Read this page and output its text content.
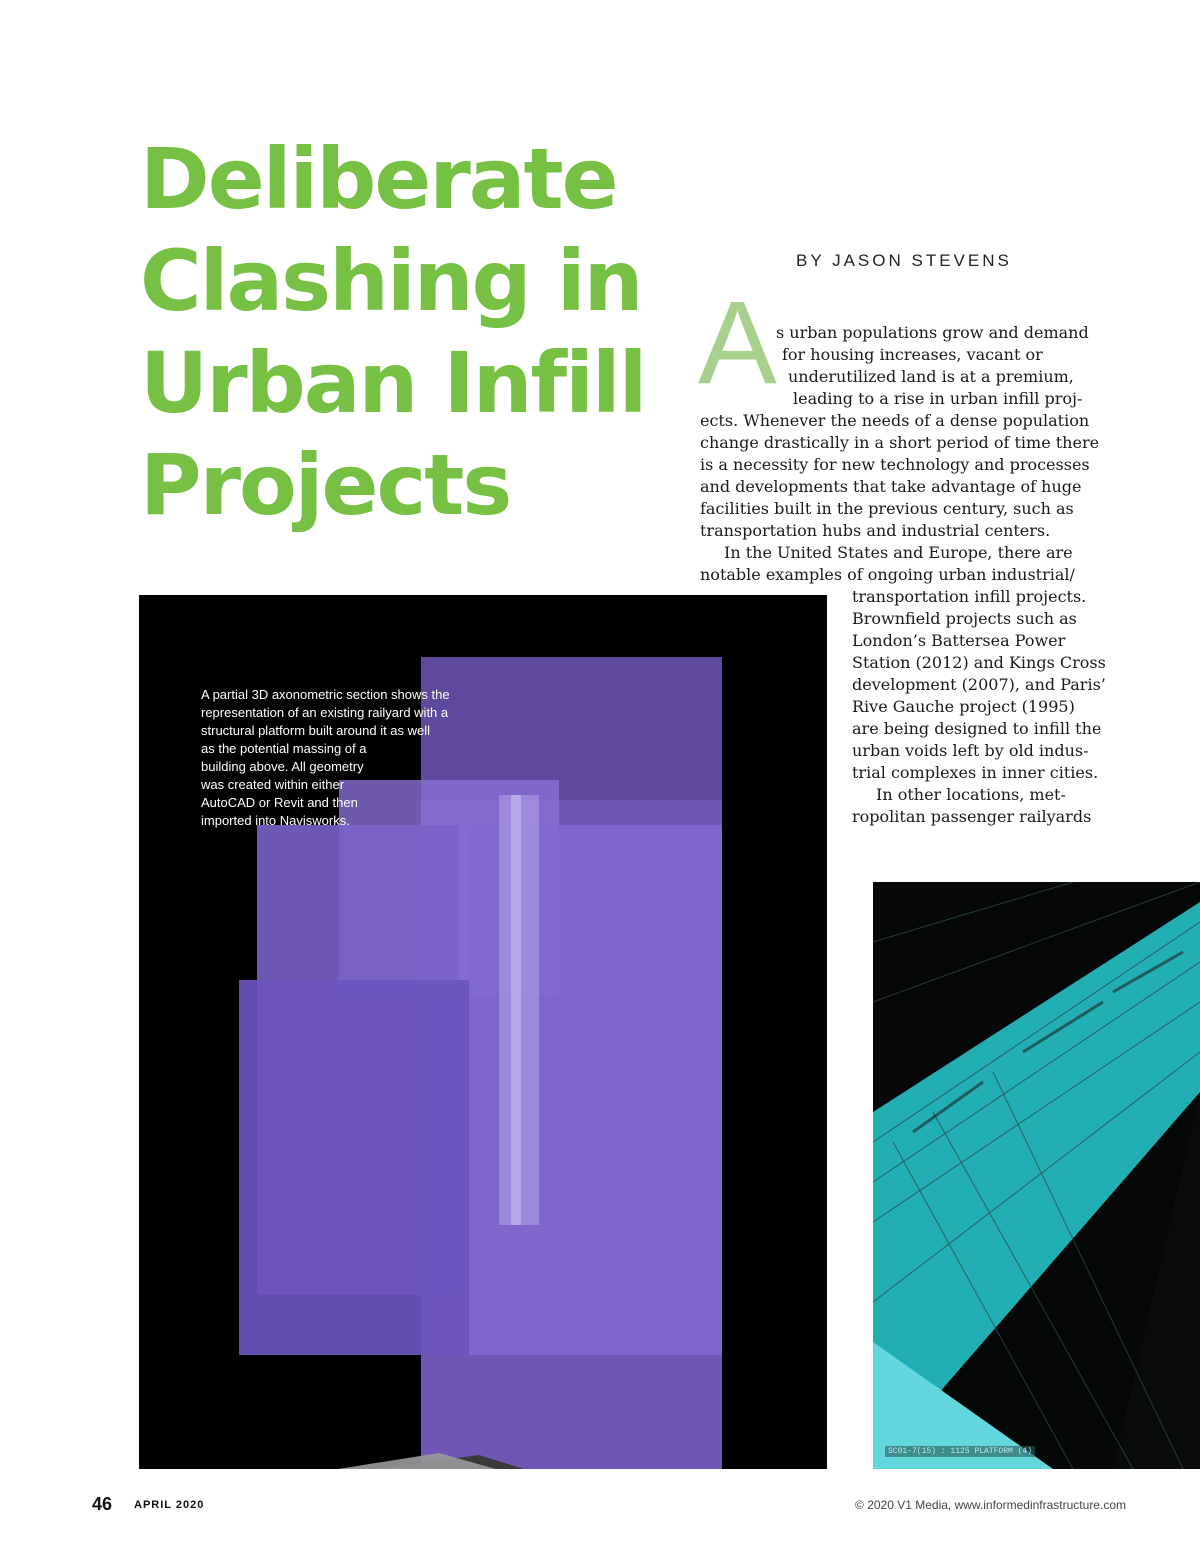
Deliberate
Clashing in
Urban Infill
Projects
BY JASON STEVENS
A s urban populations grow and demand
for housing increases, vacant or
underutilized land is at a premium,
leading to a rise in urban infill proj-
ects. Whenever the needs of a dense population
change drastically in a short period of time there
is a necessity for new technology and processes
and developments that take advantage of huge
facilities built in the previous century, such as
transportation hubs and industrial centers.
In the United States and Europe, there are
notable examples of ongoing urban industrial/
transportation infill projects.
Brownfield projects such as
London’s Battersea Power
Station (2012) and Kings Cross
development (2007), and Paris’
Rive Gauche project (1995)
are being designed to infill the
urban voids left by old indus-
trial complexes in inner cities.
In other locations, met-
ropolitan passenger railyards
A partial 3D axonometric section shows the
representation of an existing railyard with a
structural platform built around it as well
as the potential massing of a
building above. All geometry
was created within either
AutoCAD or Revit and then
imported into Navisworks.
SC01-7(15) : 1125 PLATFORM (4)
46 APRIL 2020	© 2020 V1 Media, www.informedinfrastructure.com
